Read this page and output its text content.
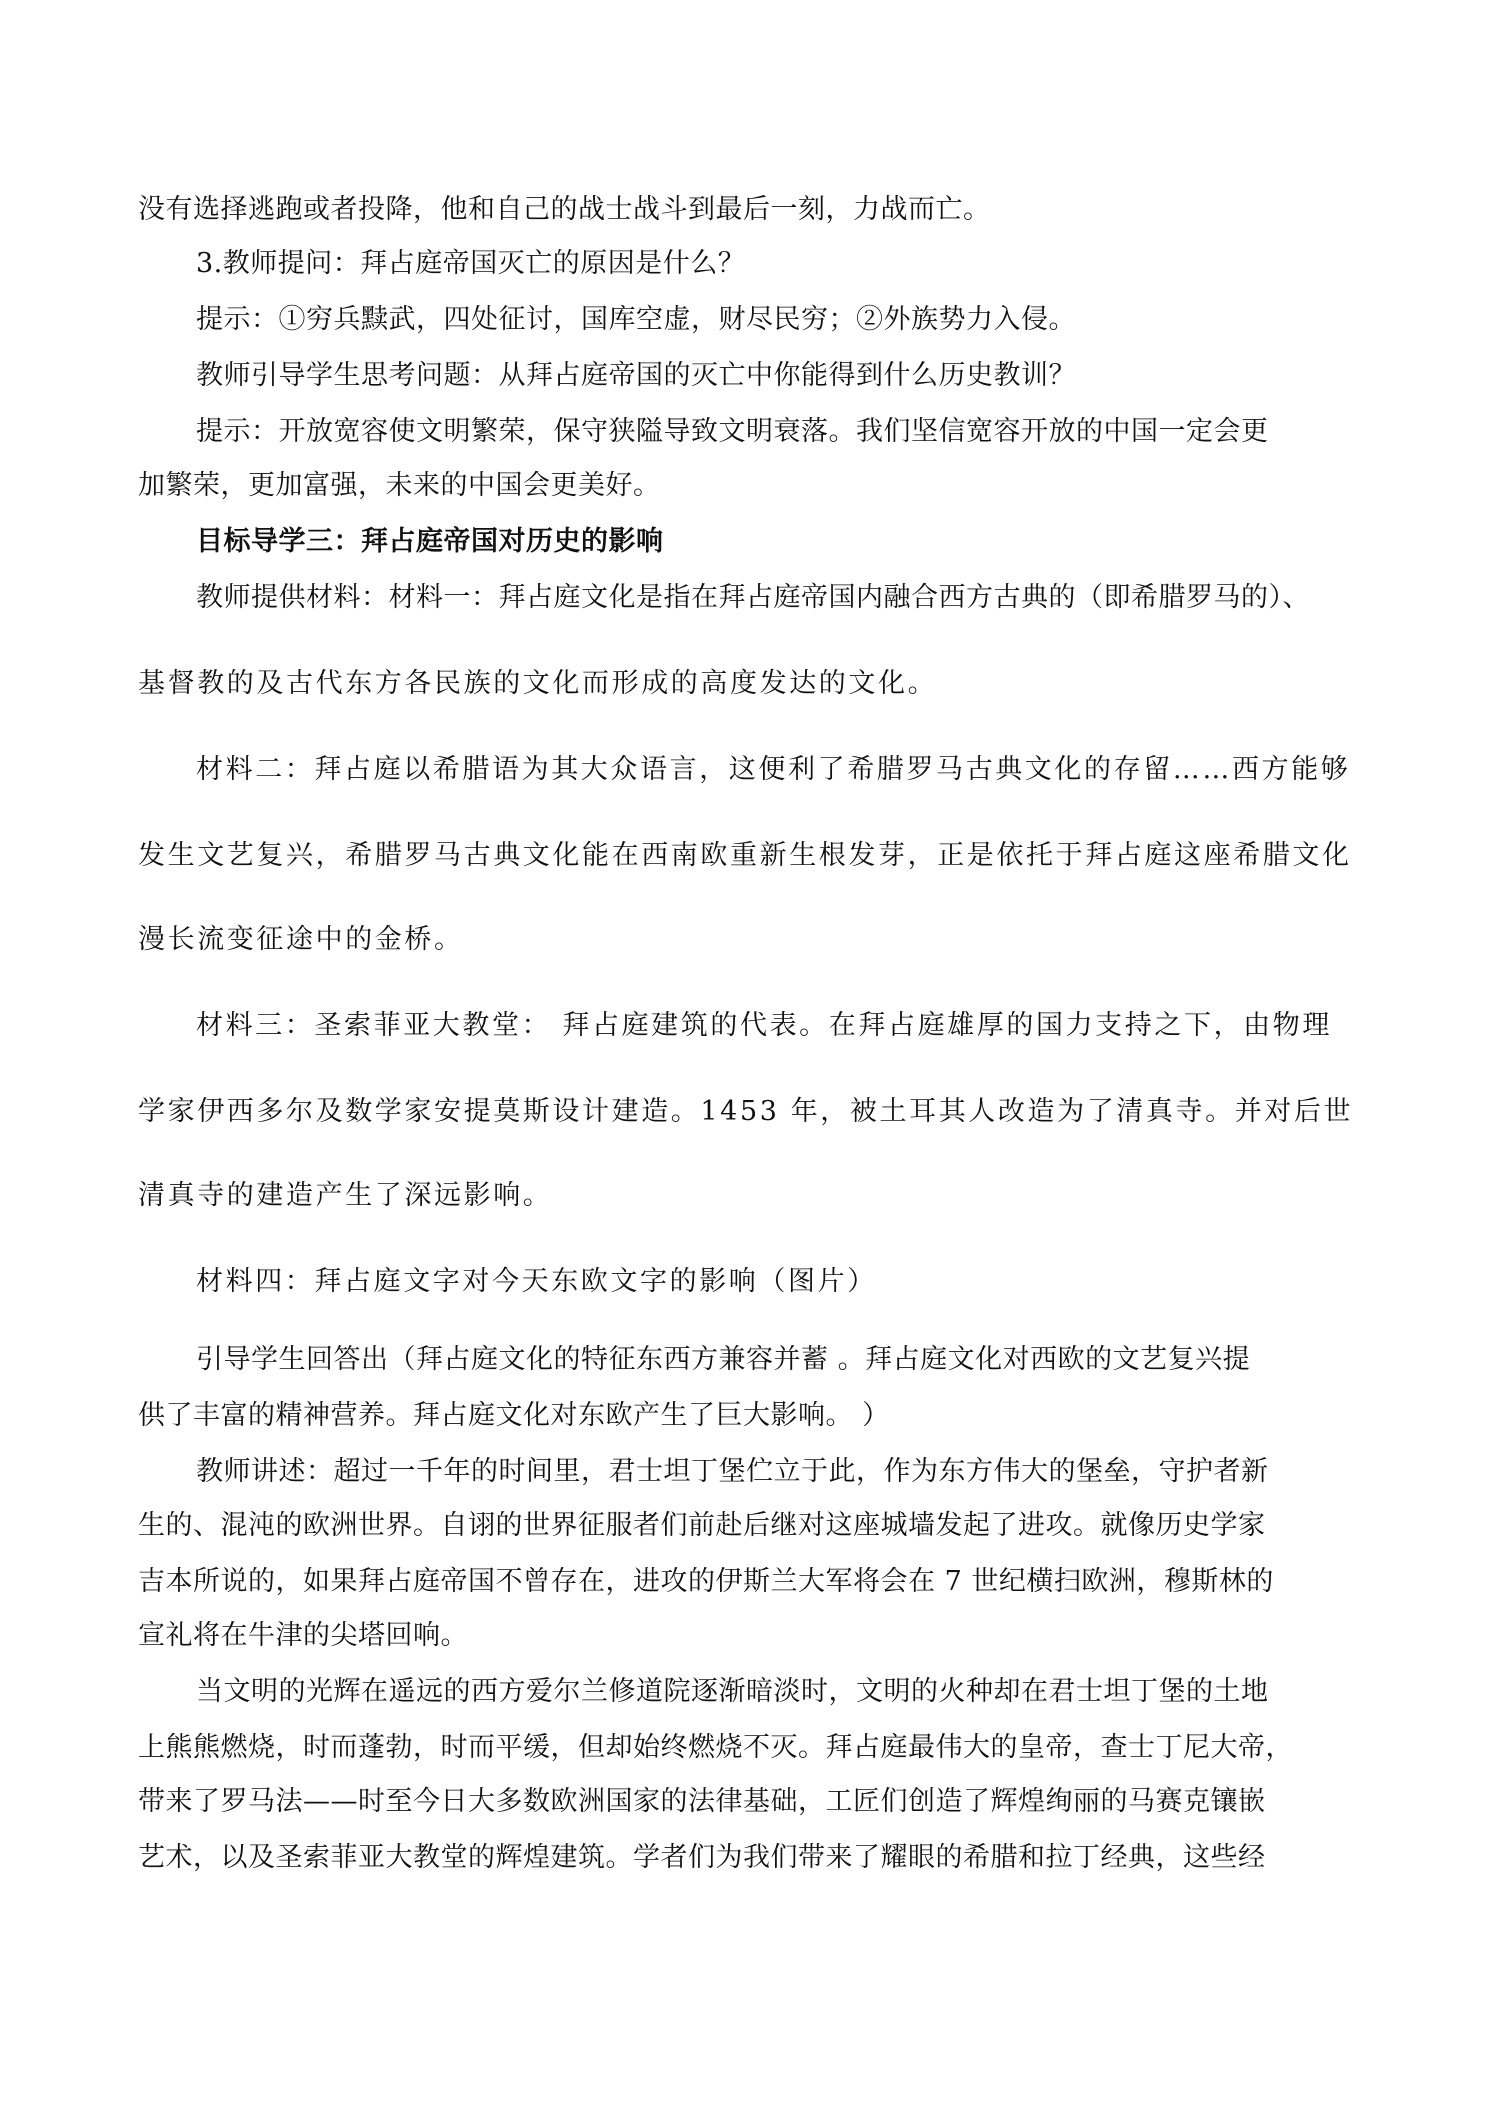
没有选择逃跑或者投降，他和自己的战士战斗到最后一刻，力战而亡。
3.教师提问：拜占庭帝国灭亡的原因是什么？
提示：①穷兵黩武，四处征讨，国库空虚，财尽民穷；②外族势力入侵。
教师引导学生思考问题：从拜占庭帝国的灭亡中你能得到什么历史教训？
提示：开放宽容使文明繁荣，保守狭隘导致文明衰落。我们坚信宽容开放的中国一定会更
加繁荣，更加富强，未来的中国会更美好。
目标导学三：拜占庭帝国对历史的影响
教师提供材料：材料一：拜占庭文化是指在拜占庭帝国内融合西方古典的（即希腊罗马的）、
基督教的及古代东方各民族的文化而形成的高度发达的文化。
材料二：拜占庭以希腊语为其大众语言，这便利了希腊罗马古典文化的存留……西方能够
发生文艺复兴，希腊罗马古典文化能在西南欧重新生根发芽，正是依托于拜占庭这座希腊文化
漫长流变征途中的金桥。
材料三：圣索菲亚大教堂： 拜占庭建筑的代表。在拜占庭雄厚的国力支持之下，由物理
学家伊西多尔及数学家安提莫斯设计建造。1453 年，被土耳其人改造为了清真寺。并对后世
清真寺的建造产生了深远影响。
材料四：拜占庭文字对今天东欧文字的影响（图片）
引导学生回答出（拜占庭文化的特征东西方兼容并蓄 。拜占庭文化对西欧的文艺复兴提
供了丰富的精神营养。拜占庭文化对东欧产生了巨大影响。 ）
教师讲述：超过一千年的时间里，君士坦丁堡伫立于此，作为东方伟大的堡垒，守护者新
生的、混沌的欧洲世界。自诩的世界征服者们前赴后继对这座城墙发起了进攻。就像历史学家
吉本所说的，如果拜占庭帝国不曾存在，进攻的伊斯兰大军将会在 7 世纪横扫欧洲，穆斯林的
宣礼将在牛津的尖塔回响。
当文明的光辉在遥远的西方爱尔兰修道院逐渐暗淡时，文明的火种却在君士坦丁堡的土地
上熊熊燃烧，时而蓬勃，时而平缓，但却始终燃烧不灭。拜占庭最伟大的皇帝，查士丁尼大帝，
带来了罗马法——时至今日大多数欧洲国家的法律基础，工匠们创造了辉煌绚丽的马赛克镶嵌
艺术，以及圣索菲亚大教堂的辉煌建筑。学者们为我们带来了耀眼的希腊和拉丁经典，这些经
